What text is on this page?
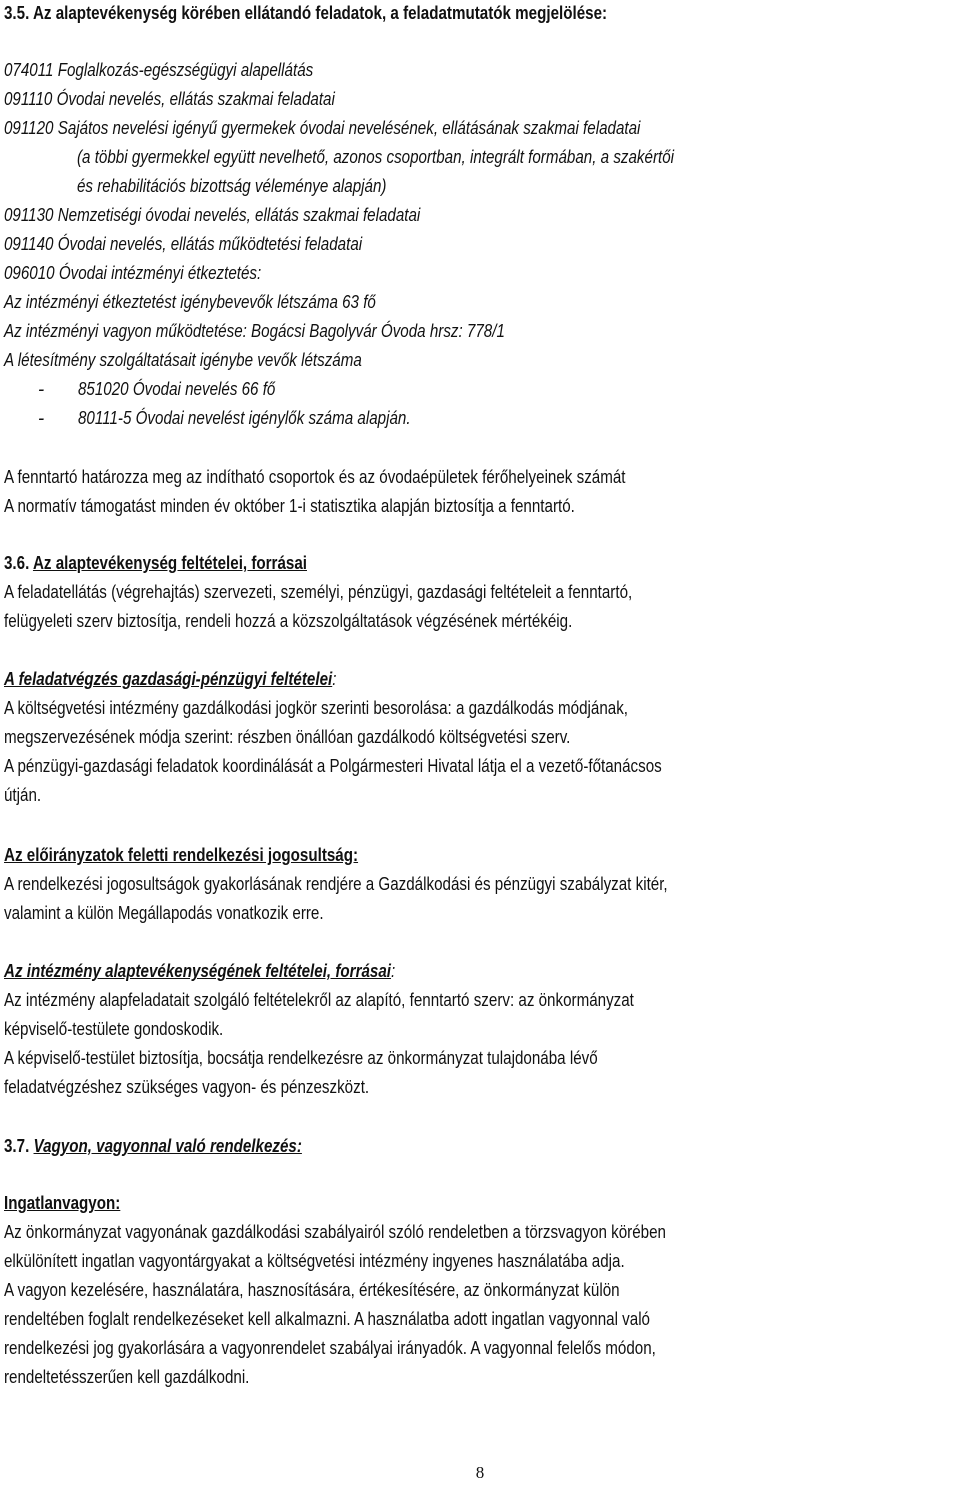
3.5. Az alaptevékenység körében ellátandó feladatok, a feladatmutatók megjelölése:
074011 Foglalkozás-egészségügyi alapellátás
091110 Óvodai nevelés, ellátás szakmai feladatai
091120 Sajátos nevelési igényű gyermekek óvodai nevelésének, ellátásának szakmai feladatai
(a többi gyermekkel együtt nevelhető, azonos csoportban, integrált formában, a szakértői
és rehabilitációs bizottság véleménye alapján)
091130 Nemzetiségi óvodai nevelés, ellátás szakmai feladatai
091140 Óvodai nevelés, ellátás működtetési feladatai
096010 Óvodai intézményi étkeztetés:
Az intézményi étkeztetést igénybevevők létszáma 63 fő
Az intézményi vagyon működtetése: Bogácsi Bagolyvár Óvoda hrsz: 778/1
A létesítmény szolgáltatásait igénybe vevők létszáma
- 851020 Óvodai nevelés 66 fő
- 80111-5 Óvodai nevelést igénylők száma alapján.
A fenntartó határozza meg az indítható csoportok és az óvodaépületek férőhelyeinek számát
A normatív támogatást minden év október 1-i statisztika alapján biztosítja a fenntartó.
3.6. Az alaptevékenység feltételei, forrásai
A feladatellátás (végrehajtás) szervezeti, személyi, pénzügyi, gazdasági feltételeit a fenntartó,
felügyeleti szerv biztosítja, rendeli hozzá a közszolgáltatások végzésének mértékéig.
A feladatvégzés gazdasági-pénzügyi feltételei:
A költségvetési intézmény gazdálkodási jogkör szerinti besorolása: a gazdálkodás módjának,
megszervezésének módja szerint: részben önállóan gazdálkodó költségvetési szerv.
A pénzügyi-gazdasági feladatok koordinálását a Polgármesteri Hivatal látja el a vezető-főtanácsos
útján.
Az előirányzatok feletti rendelkezési jogosultság:
A rendelkezési jogosultságok gyakorlásának rendjére a Gazdálkodási és pénzügyi szabályzat kitér,
valamint a külön Megállapodás vonatkozik erre.
Az intézmény alaptevékenységének feltételei, forrásai:
Az intézmény alapfeladatait szolgáló feltételekről az alapító, fenntartó szerv: az önkormányzat
képviselő-testülete gondoskodik.
A képviselő-testület biztosítja, bocsátja rendelkezésre az önkormányzat tulajdonába lévő
feladatvégzéshez szükséges vagyon- és pénzeszközt.
3.7. Vagyon, vagyonnal való rendelkezés:
Ingatlanvagyon:
Az önkormányzat vagyonának gazdálkodási szabályairól szóló rendeletben a törzsvagyon körében
elkülönített ingatlan vagyontárgyakat a költségvetési intézmény ingyenes használatába adja.
A vagyon kezelésére, használatára, hasznosítására, értékesítésére, az önkormányzat külön
rendeltében foglalt rendelkezéseket kell alkalmazni. A használatba adott ingatlan vagyonnal való
rendelkezési jog gyakorlására a vagyonrendelet szabályai irányadók. A vagyonnal felelős módon,
rendeltetésszerűen kell gazdálkodni.
8
